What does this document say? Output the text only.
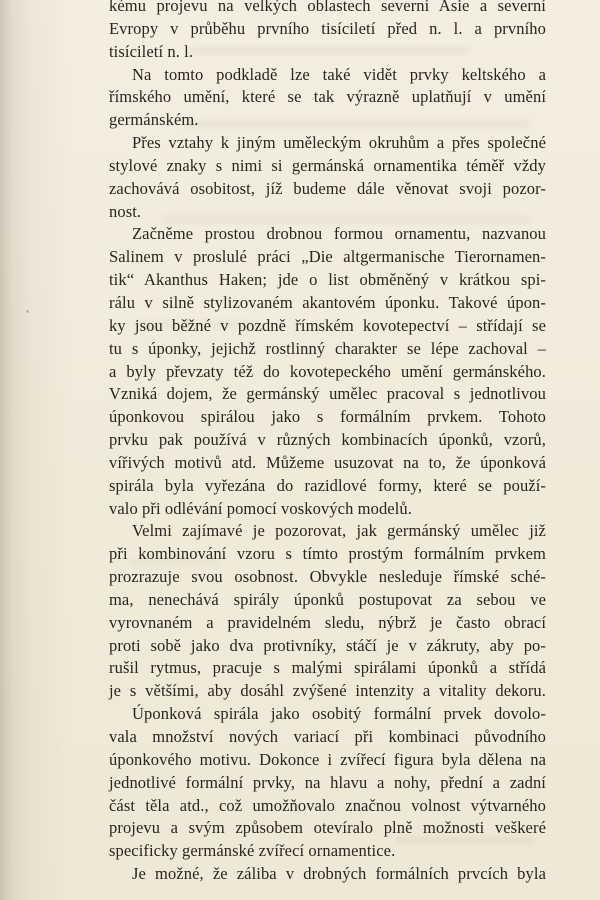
kému projevu na velkých oblastech severní Asie a severní
Evropy v průběhu prvního tisíciletí před n. l. a prvního
tisíciletí n. l.
Na tomto podkladě lze také vidět prvky keltského a
římského umění, které se tak výrazně uplatňují v umění
germánském.
Přes vztahy k jiným uměleckým okruhům a přes společné
stylové znaky s nimi si germánská ornamentika téměř vždy
zachovává osobitost, jíž budeme dále věnovat svoji pozor-
nost.
Začněme prostou drobnou formou ornamentu, nazvanou
Salinem v proslulé práci „Die altgermanische Tierornamen-
tik“ Akanthus Haken; jde o list obměněný v krátkou spi-
rálu v silně stylizovaném akantovém úponku. Takové úpon-
ky jsou běžné v pozdně římském kovotepectví – střídají se
tu s úponky, jejichž rostlinný charakter se lépe zachoval –
a byly převzaty též do kovotepeckého umění germánského.
Vzniká dojem, že germánský umělec pracoval s jednotlivou
úponkovou spirálou jako s formálním prvkem. Tohoto
prvku pak používá v různých kombinacích úponků, vzorů,
vířivých motivů atd. Můžeme usuzovat na to, že úponková
spirála byla vyřezána do razidlové formy, které se použí-
valo při odlévání pomocí voskových modelů.
Velmi zajímavé je pozorovat, jak germánský umělec již
při kombinování vzoru s tímto prostým formálním prvkem
prozrazuje svou osobnost. Obvykle nesleduje římské sché-
ma, nenechává spirály úponků postupovat za sebou ve
vyrovnaném a pravidelném sledu, nýbrž je často obrací
proti sobě jako dva protivníky, stáčí je v zákruty, aby po-
rušil rytmus, pracuje s malými spirálami úponků a střídá
je s většími, aby dosáhl zvýšené intenzity a vitality dekoru.
Úponková spirála jako osobitý formální prvek dovolo-
vala množství nových variací při kombinaci původního
úponkového motivu. Dokonce i zvířecí figura byla dělena na
jednotlivé formální prvky, na hlavu a nohy, přední a zadní
část těla atd., což umožňovalo značnou volnost výtvarného
projevu a svým způsobem otevíralo plně možnosti veškeré
specificky germánské zvířecí ornamentice.
Je možné, že záliba v drobných formálních prvcích byla
